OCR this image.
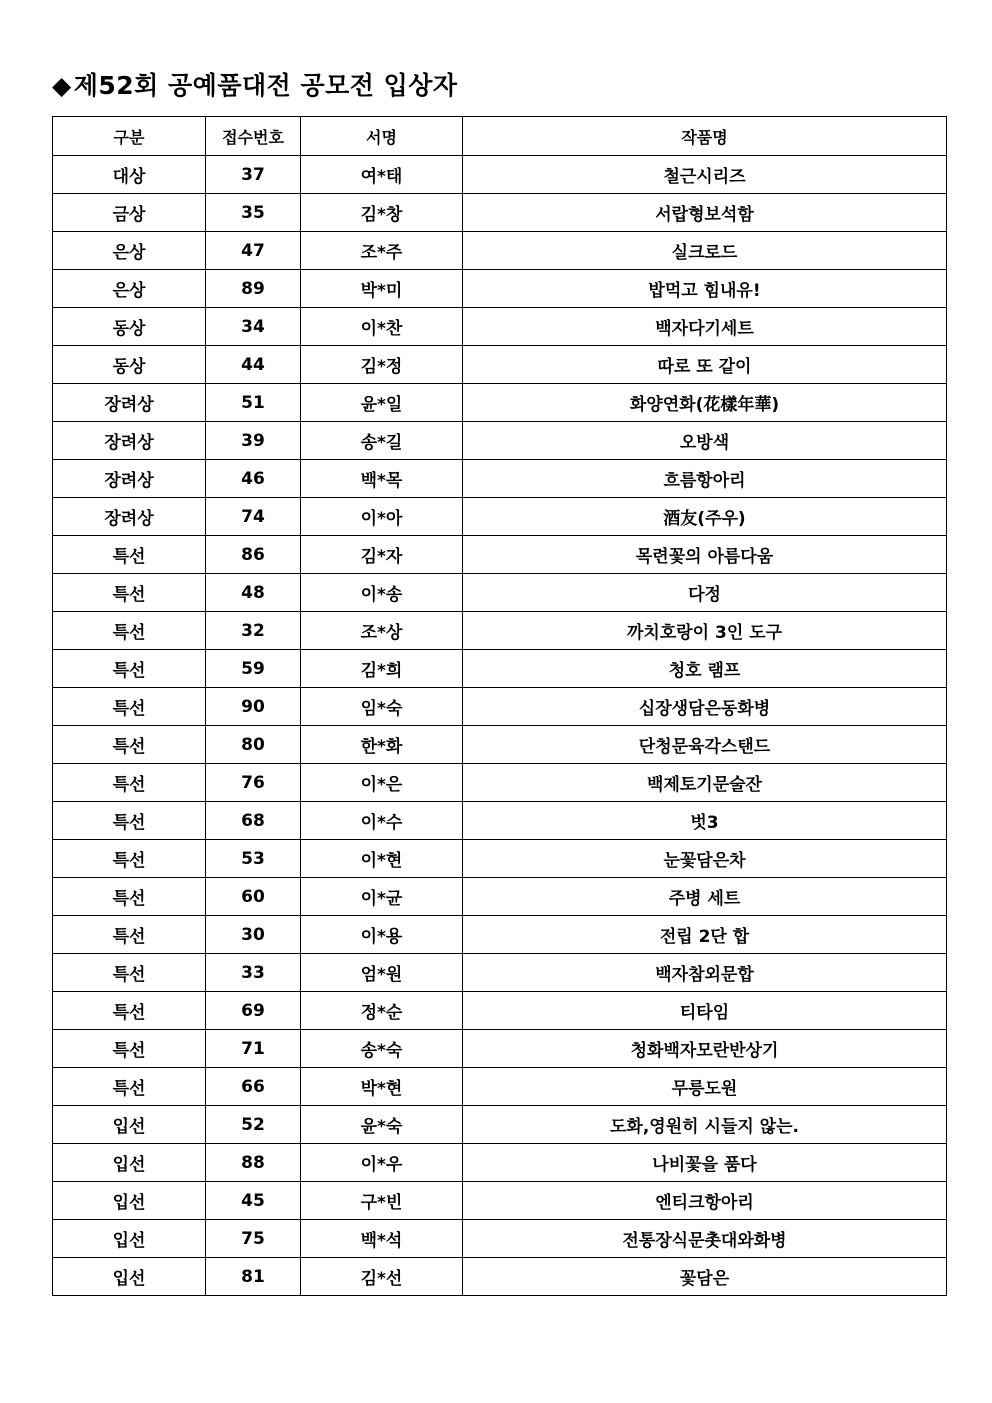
◆제52회 공예품대전 공모전 입상자
구분	접수번호	서명	작품명
대상	37	여*태	철근시리즈
금상	35	김*창	서랍형보석함
은상	47	조*주	실크로드
은상	89	박*미	밥먹고 힘내유!
동상	34	이*찬	백자다기세트
동상	44	김*정	따로 또 같이
장려상	51	윤*일	화양연화(花樣年華)
장려상	39	송*길	오방색
장려상	46	백*목	흐름항아리
장려상	74	이*아	酒友(주우)
특선	86	김*자	목련꽃의 아름다움
특선	48	이*송	다정
특선	32	조*상	까치호랑이 3인 도구
특선	59	김*희	청호 램프
특선	90	임*숙	십장생담은동화병
특선	80	한*화	단청문육각스탠드
특선	76	이*은	백제토기문술잔
특선	68	이*수	벗3
특선	53	이*현	눈꽃담은차
특선	60	이*균	주병 세트
특선	30	이*용	전립 2단 합
특선	33	엄*원	백자참외문합
특선	69	정*순	티타임
특선	71	송*숙	청화백자모란반상기
특선	66	박*현	무릉도원
입선	52	윤*숙	도화,영원히 시들지 않는.
입선	88	이*우	나비꽃을 품다
입선	45	구*빈	엔티크항아리
입선	75	백*석	전통장식문촛대와화병
입선	81	김*선	꽃담은
